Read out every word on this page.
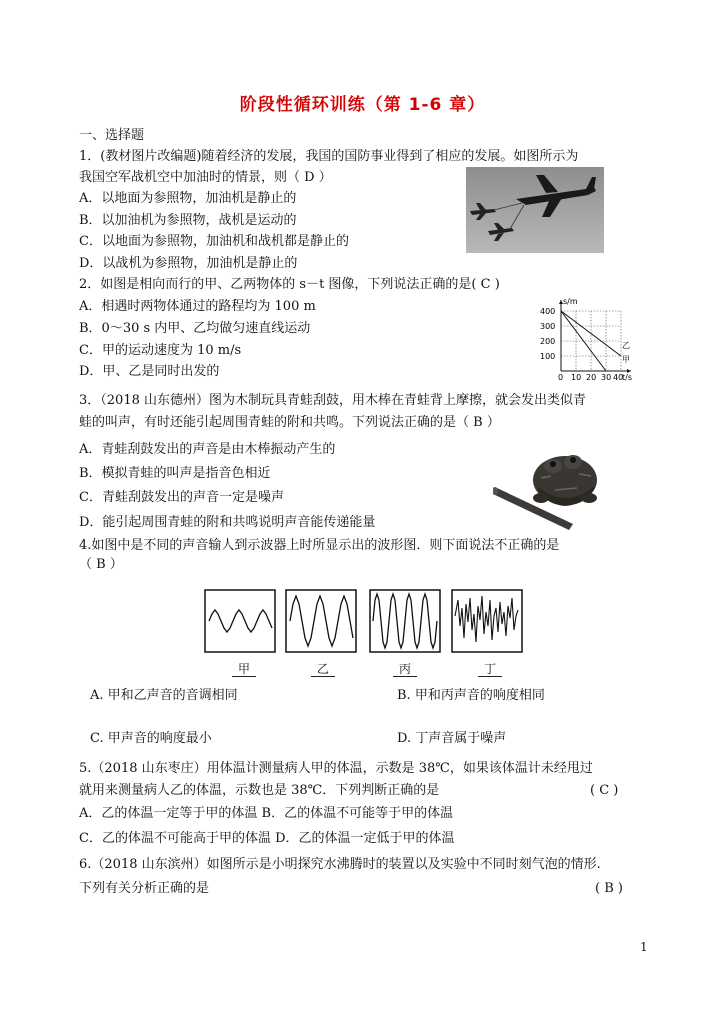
阶段性循环训练（第 1-6 章）
一、选择题
1．(教材图片改编题)随着经济的发展，我国的国防事业得到了相应的发展。如图所示为
我国空军战机空中加油时的情景，则（ D ）
A．以地面为参照物，加油机是静止的
B．以加油机为参照物，战机是运动的
C．以地面为参照物，加油机和战机都是静止的
D．以战机为参照物，加油机是静止的
2．如图是相向而行的甲、乙两物体的 s－t 图像，下列说法正确的是( C )
A．相遇时两物体通过的路程均为 100 m
B．0～30 s 内甲、乙均做匀速直线运动
C．甲的运动速度为 10 m/s
D．甲、乙是同时出发的
s/m
t/s
400
300
200
100
0 10 20 30 40
甲
乙
3．（2018 山东德州）图为木制玩具青蛙刮鼓，用木棒在青蛙背上摩擦，就会发出类似青
蛙的叫声，有时还能引起周围青蛙的附和共鸣。下列说法正确的是（ B ）
A．青蛙刮鼓发出的声音是由木棒振动产生的
B．模拟青蛙的叫声是指音色相近
C．青蛙刮鼓发出的声音一定是噪声
D．能引起周围青蛙的附和共鸣说明声音能传递能量
4.如图中是不同的声音输人到示波器上时所显示出的波形图．则下面说法不正确的是
（ B ）
甲	乙	丙	丁
A. 甲和乙声音的音调相同	B. 甲和丙声音的响度相同
C. 甲声音的响度最小	D. 丁声音属于噪声
5.（2018 山东枣庄）用体温计测量病人甲的体温，示数是 38℃，如果该体温计未经甩过
就用来测量病人乙的体温，示数也是 38℃．下列判断正确的是	( C )
A．乙的体温一定等于甲的体温 B．乙的体温不可能等于甲的体温
C．乙的体温不可能高于甲的体温 D．乙的体温一定低于甲的体温
6.（2018 山东滨州）如图所示是小明探究水沸腾时的装置以及实验中不同时刻气泡的情形.
下列有关分析正确的是	( B )
1
